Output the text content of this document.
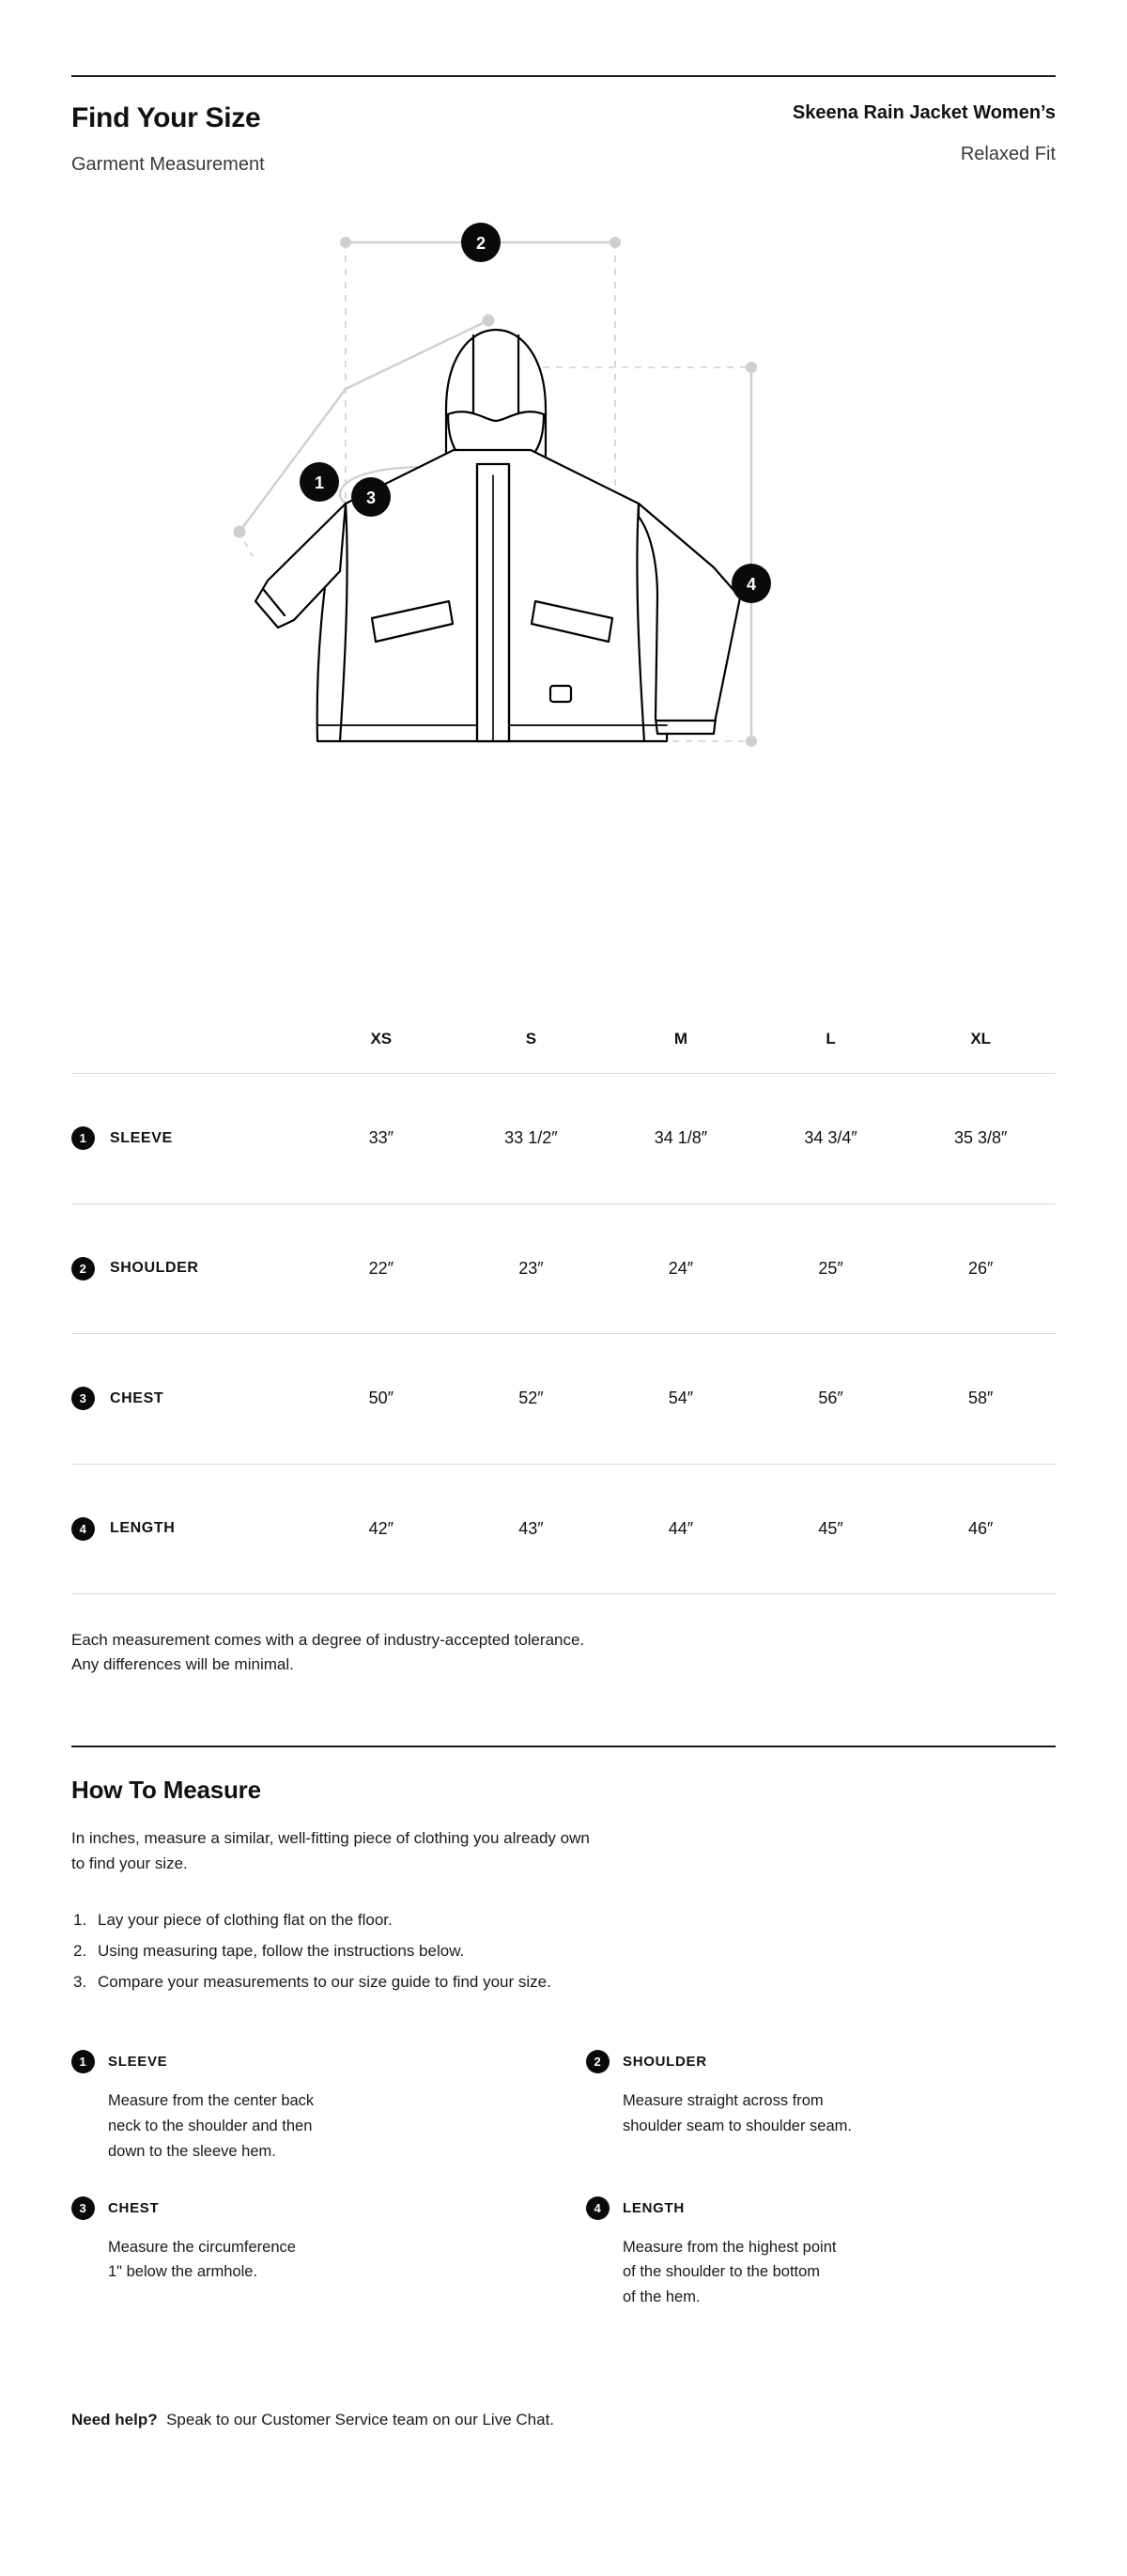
Find Your Size
Garment Measurement
Skeena Rain Jacket Women’s
Relaxed Fit
1
2
3
4
	XS	S	M	L	XL

1 SLEEVE	33″	33 1/2″	34 1/8″	34 3/4″	35 3/8″

2 SHOULDER	22″	23″	24″	25″	26″

3 CHEST	50″	52″	54″	56″	58″

4 LENGTH	42″	43″	44″	45″	46″

Each measurement comes with a degree of industry-accepted tolerance.
Any differences will be minimal.
How To Measure
In inches, measure a similar, well-fitting piece of clothing you already own
to find your size.
Lay your piece of clothing flat on the floor.
Using measuring tape, follow the instructions below.
Compare your measurements to our size guide to find your size.
1	SLEEVE
Measure from the center back
neck to the shoulder and then
down to the sleeve hem.
2	SHOULDER
Measure straight across from
shoulder seam to shoulder seam.
3	CHEST
Measure the circumference
1" below the armhole.
4	LENGTH
Measure from the highest point
of the shoulder to the bottom
of the hem.
Need help? Speak to our Customer Service team on our Live Chat.
